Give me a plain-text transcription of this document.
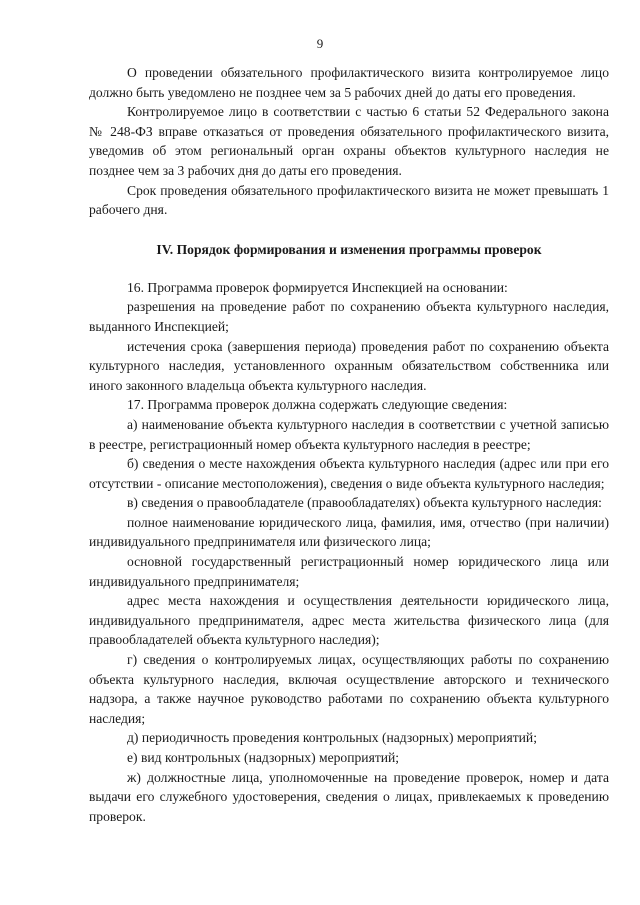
9

О проведении обязательного профилактического визита контролируемое лицо должно быть уведомлено не позднее чем за 5 рабочих дней до даты его проведения.

Контролируемое лицо в соответствии с частью 6 статьи 52 Федерального закона № 248-ФЗ вправе отказаться от проведения обязательного профилактического визита, уведомив об этом региональный орган охраны объектов культурного наследия не позднее чем за 3 рабочих дня до даты его проведения.

Срок проведения обязательного профилактического визита не может превышать 1 рабочего дня.

IV. Порядок формирования и изменения программы проверок

16. Программа проверок формируется Инспекцией на основании:

разрешения на проведение работ по сохранению объекта культурного наследия, выданного Инспекцией;

истечения срока (завершения периода) проведения работ по сохранению объекта культурного наследия, установленного охранным обязательством собственника или иного законного владельца объекта культурного наследия.

17. Программа проверок должна содержать следующие сведения:

а) наименование объекта культурного наследия в соответствии с учетной записью в реестре, регистрационный номер объекта культурного наследия в реестре;

б) сведения о месте нахождения объекта культурного наследия (адрес или при его отсутствии - описание местоположения), сведения о виде объекта культурного наследия;

в) сведения о правообладателе (правообладателях) объекта культурного наследия:

полное наименование юридического лица, фамилия, имя, отчество (при наличии) индивидуального предпринимателя или физического лица;

основной государственный регистрационный номер юридического лица или индивидуального предпринимателя;

адрес места нахождения и осуществления деятельности юридического лица, индивидуального предпринимателя, адрес места жительства физического лица (для правообладателей объекта культурного наследия);

г) сведения о контролируемых лицах, осуществляющих работы по сохранению объекта культурного наследия, включая осуществление авторского и технического надзора, а также научное руководство работами по сохранению объекта культурного наследия;

д) периодичность проведения контрольных (надзорных) мероприятий;

е) вид контрольных (надзорных) мероприятий;

ж) должностные лица, уполномоченные на проведение проверок, номер и дата выдачи его служебного удостоверения, сведения о лицах, привлекаемых к проведению проверок.
